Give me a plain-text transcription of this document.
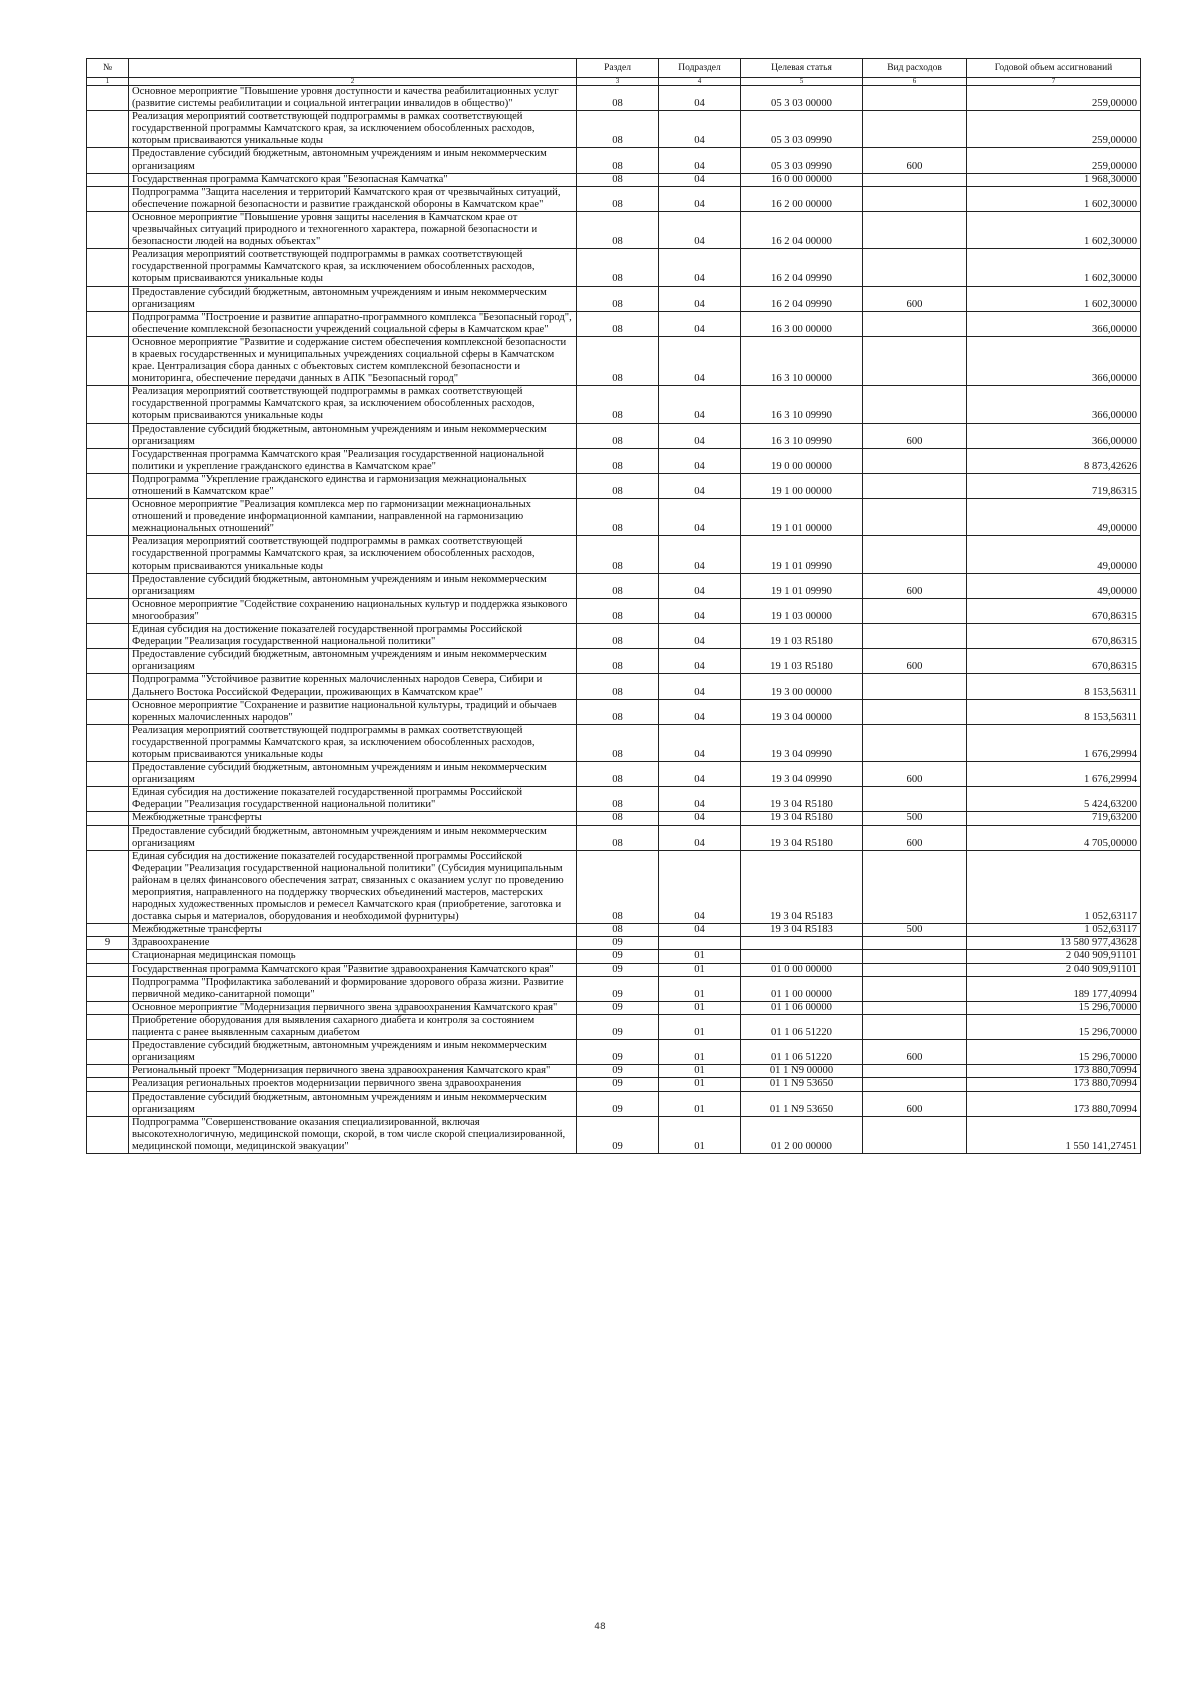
№		Раздел	Подраздел	Целевая статья	Вид расходов	Годовой объем ассигнований
1	2	3	4	5	6	7
	Основное мероприятие "Повышение уровня доступности и качества реабилитационных услуг (развитие системы реабилитации и социальной интеграции инвалидов в общество)"	08	04	05 3 03 00000		259,00000
	Реализация мероприятий соответствующей подпрограммы в рамках соответствующей государственной программы Камчатского края, за исключением обособленных расходов, которым присваиваются уникальные коды	08	04	05 3 03 09990		259,00000
	Предоставление субсидий бюджетным, автономным учреждениям и иным некоммерческим организациям	08	04	05 3 03 09990	600	259,00000
	Государственная программа Камчатского края "Безопасная Камчатка"	08	04	16 0 00 00000		1 968,30000
	Подпрограмма "Защита населения и территорий Камчатского края от чрезвычайных ситуаций, обеспечение пожарной безопасности и развитие гражданской обороны в Камчатском крае"	08	04	16 2 00 00000		1 602,30000
	Основное мероприятие "Повышение уровня защиты населения в Камчатском крае от чрезвычайных ситуаций природного и техногенного характера, пожарной безопасности и безопасности людей на водных объектах"	08	04	16 2 04 00000		1 602,30000
	Реализация мероприятий соответствующей подпрограммы в рамках соответствующей государственной программы Камчатского края, за исключением обособленных расходов, которым присваиваются уникальные коды	08	04	16 2 04 09990		1 602,30000
	Предоставление субсидий бюджетным, автономным учреждениям и иным некоммерческим организациям	08	04	16 2 04 09990	600	1 602,30000
	Подпрограмма "Построение и развитие аппаратно-программного комплекса "Безопасный город", обеспечение комплексной безопасности учреждений социальной сферы в Камчатском крае"	08	04	16 3 00 00000		366,00000
	Основное мероприятие "Развитие и содержание систем обеспечения комплексной безопасности в краевых государственных и муниципальных учреждениях социальной сферы в Камчатском крае. Централизация сбора данных с объектовых систем комплексной безопасности и мониторинга, обеспечение передачи данных в АПК "Безопасный город"	08	04	16 3 10 00000		366,00000
	Реализация мероприятий соответствующей подпрограммы в рамках соответствующей государственной программы Камчатского края, за исключением обособленных расходов, которым присваиваются уникальные коды	08	04	16 3 10 09990		366,00000
	Предоставление субсидий бюджетным, автономным учреждениям и иным некоммерческим организациям	08	04	16 3 10 09990	600	366,00000
	Государственная программа Камчатского края "Реализация государственной национальной политики и укрепление гражданского единства в Камчатском крае"	08	04	19 0 00 00000		8 873,42626
	Подпрограмма "Укрепление гражданского единства и гармонизация межнациональных отношений в Камчатском крае"	08	04	19 1 00 00000		719,86315
	Основное мероприятие "Реализация комплекса мер по гармонизации межнациональных отношений и проведение информационной кампании, направленной на гармонизацию межнациональных отношений"	08	04	19 1 01 00000		49,00000
	Реализация мероприятий соответствующей подпрограммы в рамках соответствующей государственной программы Камчатского края, за исключением обособленных расходов, которым присваиваются уникальные коды	08	04	19 1 01 09990		49,00000
	Предоставление субсидий бюджетным, автономным учреждениям и иным некоммерческим организациям	08	04	19 1 01 09990	600	49,00000
	Основное мероприятие "Содействие сохранению национальных культур и поддержка языкового многообразия"	08	04	19 1 03 00000		670,86315
	Единая субсидия на достижение показателей государственной программы Российской Федерации "Реализация государственной национальной политики"	08	04	19 1 03 R5180		670,86315
	Предоставление субсидий бюджетным, автономным учреждениям и иным некоммерческим организациям	08	04	19 1 03 R5180	600	670,86315
	Подпрограмма "Устойчивое развитие коренных малочисленных народов Севера, Сибири и Дальнего Востока Российской Федерации, проживающих в Камчатском крае"	08	04	19 3 00 00000		8 153,56311
	Основное мероприятие "Сохранение и развитие национальной культуры, традиций и обычаев коренных малочисленных народов"	08	04	19 3 04 00000		8 153,56311
	Реализация мероприятий соответствующей подпрограммы в рамках соответствующей государственной программы Камчатского края, за исключением обособленных расходов, которым присваиваются уникальные коды	08	04	19 3 04 09990		1 676,29994
	Предоставление субсидий бюджетным, автономным учреждениям и иным некоммерческим организациям	08	04	19 3 04 09990	600	1 676,29994
	Единая субсидия на достижение показателей государственной программы Российской Федерации "Реализация государственной национальной политики"	08	04	19 3 04 R5180		5 424,63200
	Межбюджетные трансферты	08	04	19 3 04 R5180	500	719,63200
	Предоставление субсидий бюджетным, автономным учреждениям и иным некоммерческим организациям	08	04	19 3 04 R5180	600	4 705,00000
	Единая субсидия на достижение показателей государственной программы Российской Федерации "Реализация государственной национальной политики" (Субсидия муниципальным районам в целях финансового обеспечения затрат, связанных с оказанием услуг по проведению мероприятия, направленного на поддержку творческих объединений мастеров, мастерских народных художественных промыслов и ремесел Камчатского края (приобретение, заготовка и доставка сырья и материалов, оборудования и необходимой фурнитуры)	08	04	19 3 04 R5183		1 052,63117
	Межбюджетные трансферты	08	04	19 3 04 R5183	500	1 052,63117
9	Здравоохранение	09				13 580 977,43628
	Стационарная медицинская помощь	09	01			2 040 909,91101
	Государственная программа Камчатского края "Развитие здравоохранения Камчатского края"	09	01	01 0 00 00000		2 040 909,91101
	Подпрограмма "Профилактика заболеваний и формирование здорового образа жизни. Развитие первичной медико-санитарной помощи"	09	01	01 1 00 00000		189 177,40994
	Основное мероприятие "Модернизация первичного звена здравоохранения Камчатского края"	09	01	01 1 06 00000		15 296,70000
	Приобретение оборудования для выявления сахарного диабета и контроля за состоянием пациента с ранее выявленным сахарным диабетом	09	01	01 1 06 51220		15 296,70000
	Предоставление субсидий бюджетным, автономным учреждениям и иным некоммерческим организациям	09	01	01 1 06 51220	600	15 296,70000
	Региональный проект "Модернизация первичного звена здравоохранения Камчатского края"	09	01	01 1 N9 00000		173 880,70994
	Реализация региональных проектов модернизации первичного звена здравоохранения	09	01	01 1 N9 53650		173 880,70994
	Предоставление субсидий бюджетным, автономным учреждениям и иным некоммерческим организациям	09	01	01 1 N9 53650	600	173 880,70994
	Подпрограмма "Совершенствование оказания специализированной, включая высокотехнологичную, медицинской помощи, скорой, в том числе скорой специализированной, медицинской помощи, медицинской эвакуации"	09	01	01 2 00 00000		1 550 141,27451
48
